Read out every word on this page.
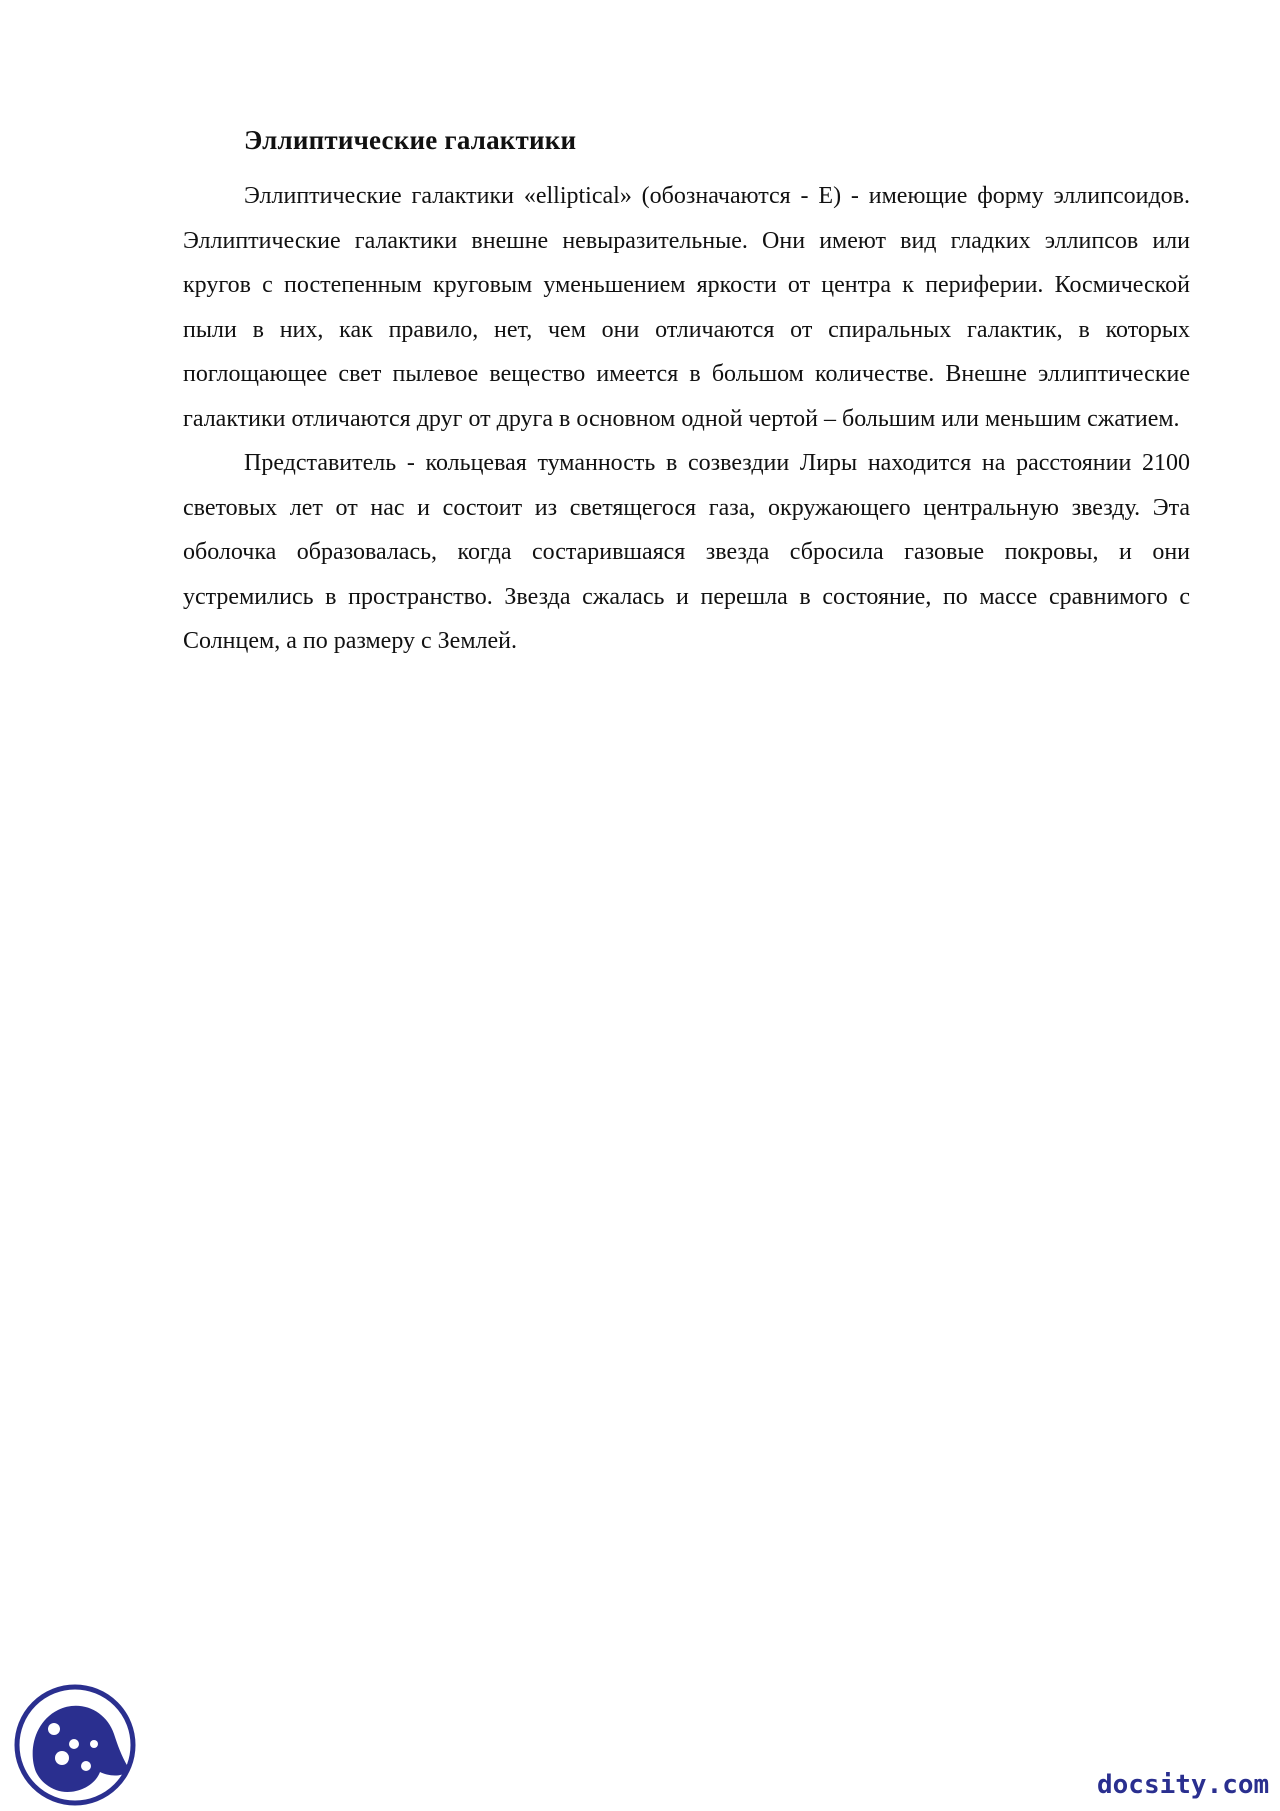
Эллиптические галактики

Эллиптические галактики «elliptical» (обозначаются - E) - имеющие форму эллипсоидов. Эллиптические галактики внешне невыразительные. Они имеют вид гладких эллипсов или кругов с постепенным круговым уменьшением яркости от центра к периферии. Космической пыли в них, как правило, нет, чем они отличаются от спиральных галактик, в которых поглощающее свет пылевое вещество имеется в большом количестве. Внешне эллиптические галактики отличаются друг от друга в основном одной чертой – большим или меньшим сжатием.

Представитель - кольцевая туманность в созвездии Лиры находится на расстоянии 2100 световых лет от нас и состоит из светящегося газа, окружающего центральную звезду. Эта оболочка образовалась, когда состарившаяся звезда сбросила газовые покровы, и они устремились в пространство. Звезда сжалась и перешла в состояние, по массе сравнимого с Солнцем, а по размеру с Землей.

docsity.com
